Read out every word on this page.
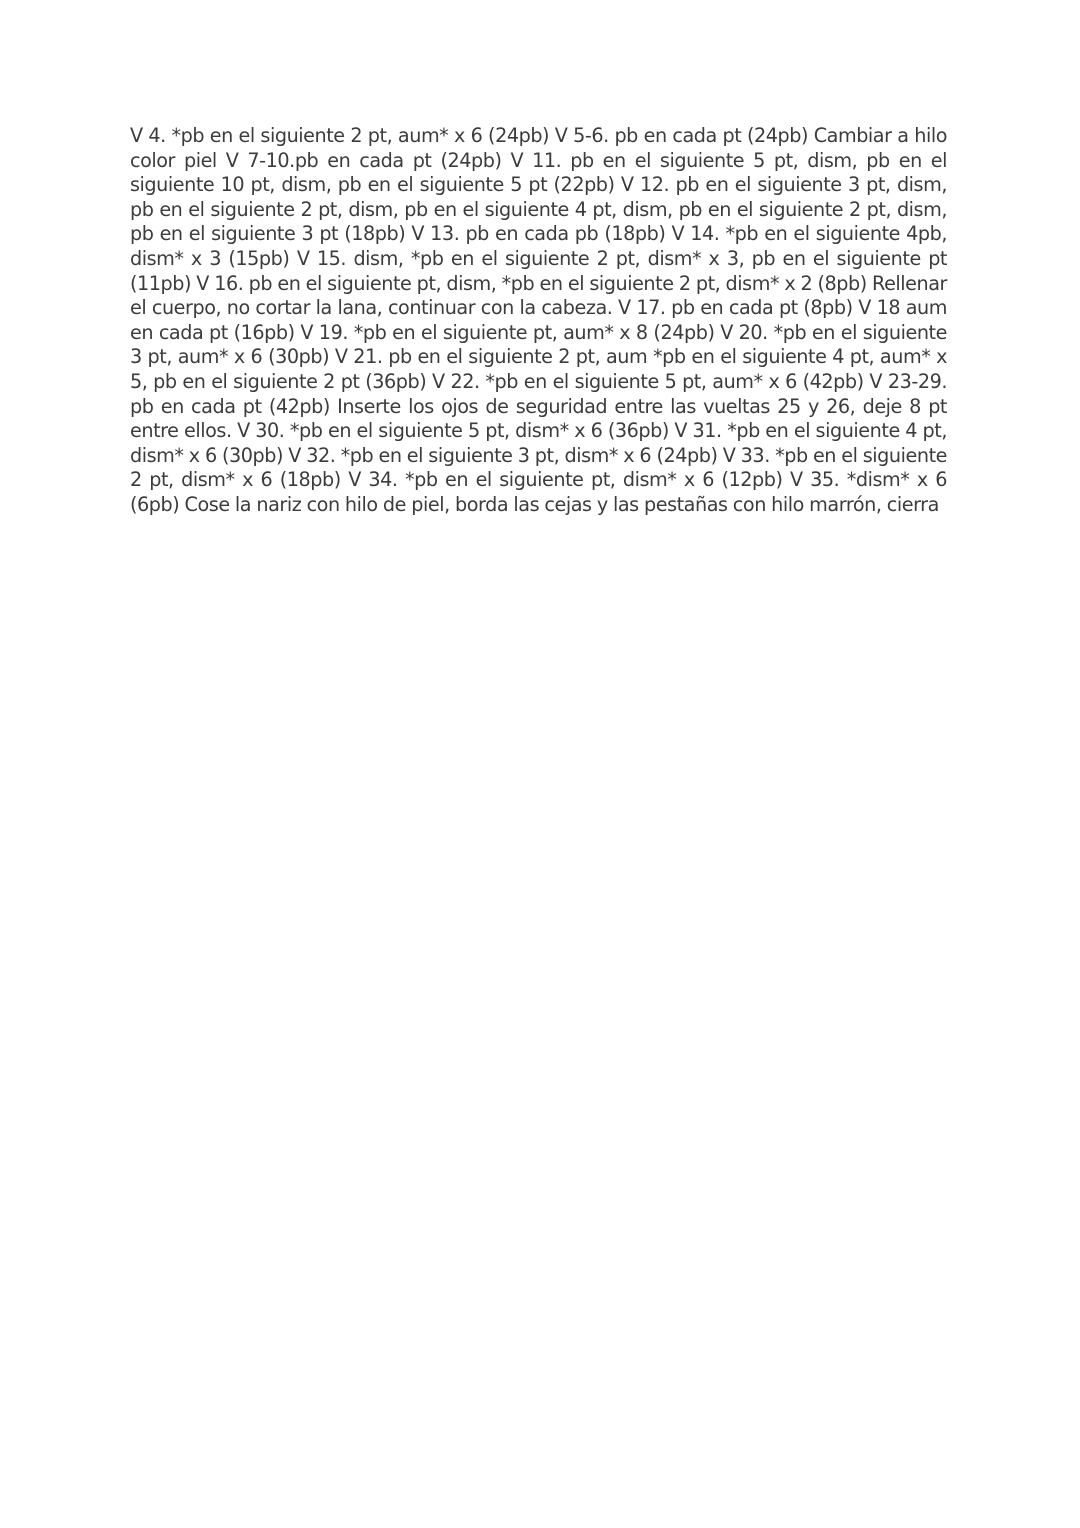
V 4. *pb en el siguiente 2 pt, aum* x 6 (24pb) V 5-6. pb en cada pt (24pb) Cambiar a hilo color piel V 7-10.pb en cada pt (24pb) V 11. pb en el siguiente 5 pt, dism, pb en el siguiente 10 pt, dism, pb en el siguiente 5 pt (22pb) V 12. pb en el siguiente 3 pt, dism, pb en el siguiente 2 pt, dism, pb en el siguiente 4 pt, dism, pb en el siguiente 2 pt, dism, pb en el siguiente 3 pt (18pb) V 13. pb en cada pb (18pb) V 14. *pb en el siguiente 4pb, dism* x 3 (15pb) V 15. dism, *pb en el siguiente 2 pt, dism* x 3, pb en el siguiente pt (11pb) V 16. pb en el siguiente pt, dism, *pb en el siguiente 2 pt, dism* x 2 (8pb) Rellenar el cuerpo, no cortar la lana, continuar con la cabeza. V 17. pb en cada pt (8pb) V 18 aum en cada pt (16pb) V 19. *pb en el siguiente pt, aum* x 8 (24pb) V 20. *pb en el siguiente 3 pt, aum* x 6 (30pb) V 21. pb en el siguiente 2 pt, aum *pb en el siguiente 4 pt, aum* x 5, pb en el siguiente 2 pt (36pb) V 22. *pb en el siguiente 5 pt, aum* x 6 (42pb) V 23-29. pb en cada pt (42pb) Inserte los ojos de seguridad entre las vueltas 25 y 26, deje 8 pt entre ellos. V 30. *pb en el siguiente 5 pt, dism* x 6 (36pb) V 31. *pb en el siguiente 4 pt, dism* x 6 (30pb) V 32. *pb en el siguiente 3 pt, dism* x 6 (24pb) V 33. *pb en el siguiente 2 pt, dism* x 6 (18pb) V 34. *pb en el siguiente pt, dism* x 6 (12pb) V 35. *dism* x 6 (6pb) Cose la nariz con hilo de piel, borda las cejas y las pestañas con hilo marrón, cierra
